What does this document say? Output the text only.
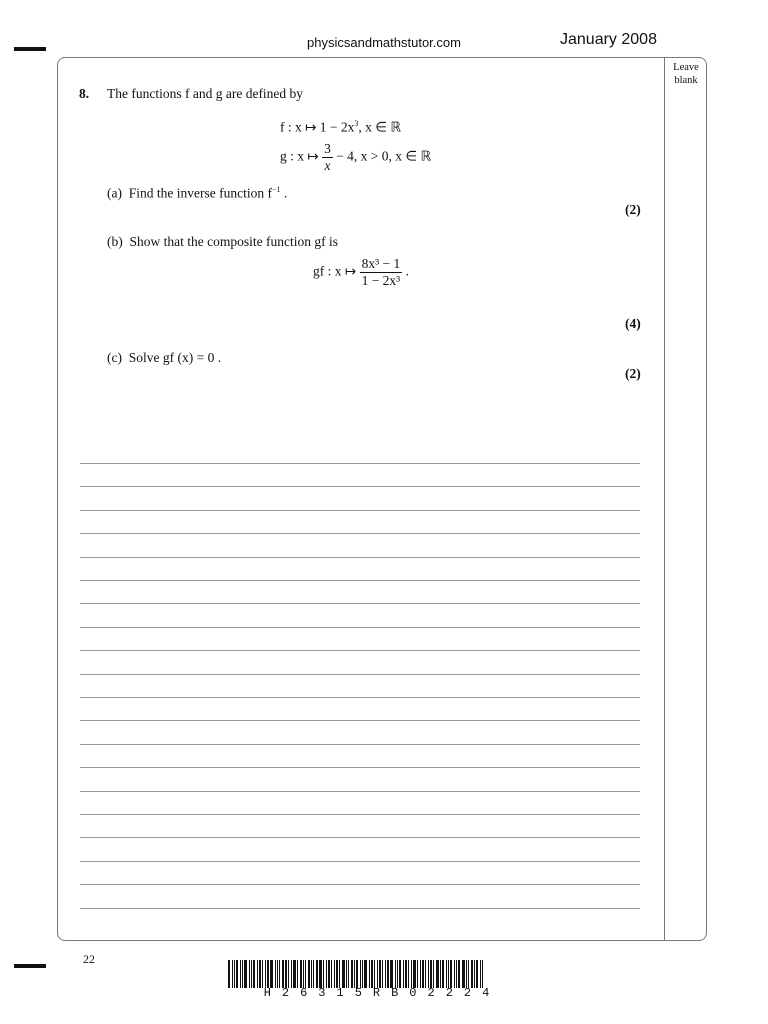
physicsandmathstutor.com	January 2008
Leave
blank
8. The functions f and g are defined by
f : x ↦ $1 - 2x^3$, x ∈ ℝ
g : x ↦ $\frac{3}{x} - 4$, x > 0, x ∈ ℝ
(a) Find the inverse function $f^{-1}$ .
(2)
(b) Show that the composite function gf is
gf : x ↦ $\frac{\text{8x³ − 1}}{\text{1 − 2x³}}$ .
(4)
(c) Solve gf (x) = 0 .
(2)
22
H26315RB02224
